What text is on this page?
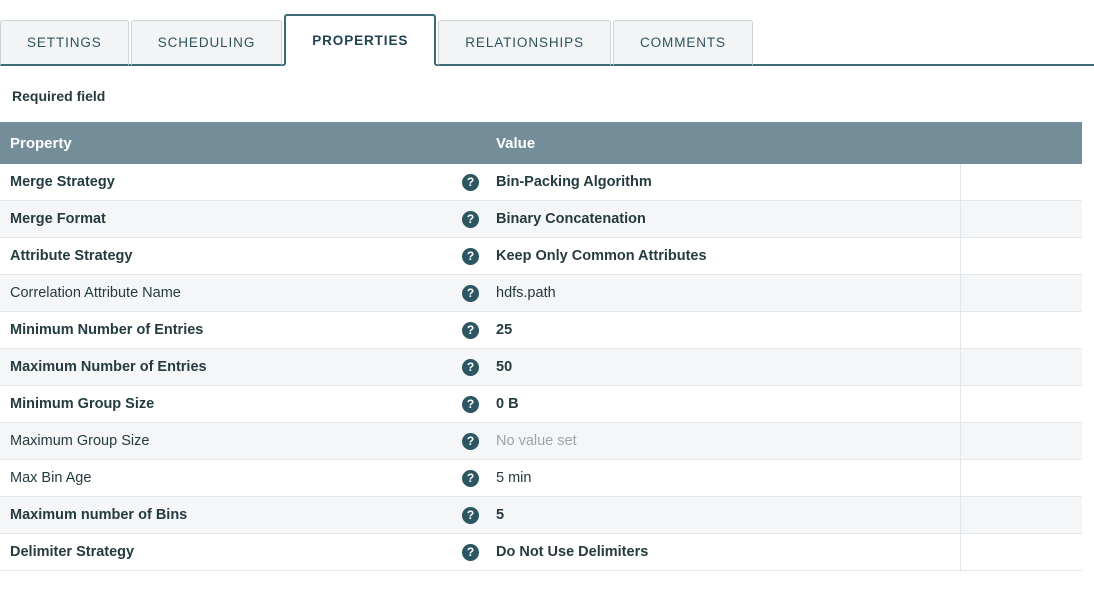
SETTINGS	SCHEDULING	PROPERTIES	RELATIONSHIPS	COMMENTS
Required field
Property		Value	
Merge Strategy	?	Bin-Packing Algorithm	
Merge Format	?	Binary Concatenation	
Attribute Strategy	?	Keep Only Common Attributes	
Correlation Attribute Name	?	hdfs.path	
Minimum Number of Entries	?	25	
Maximum Number of Entries	?	50	
Minimum Group Size	?	0 B	
Maximum Group Size	?	No value set	
Max Bin Age	?	5 min	
Maximum number of Bins	?	5	
Delimiter Strategy	?	Do Not Use Delimiters	
